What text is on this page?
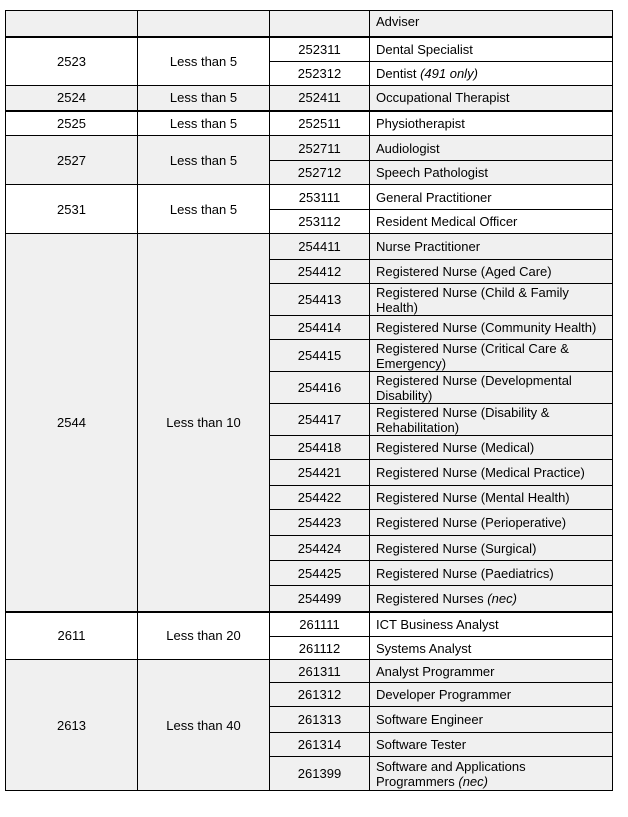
			Adviser
2523	Less than 5	252311	Dental Specialist
		252312	Dentist (491 only)
2524	Less than 5	252411	Occupational Therapist
2525	Less than 5	252511	Physiotherapist
2527	Less than 5	252711	Audiologist
		252712	Speech Pathologist
2531	Less than 5	253111	General Practitioner
		253112	Resident Medical Officer
2544	Less than 10	254411	Nurse Practitioner
		254412	Registered Nurse (Aged Care)
		254413	Registered Nurse (Child & Family Health)
		254414	Registered Nurse (Community Health)
		254415	Registered Nurse (Critical Care & Emergency)
		254416	Registered Nurse (Developmental Disability)
		254417	Registered Nurse (Disability & Rehabilitation)
		254418	Registered Nurse (Medical)
		254421	Registered Nurse (Medical Practice)
		254422	Registered Nurse (Mental Health)
		254423	Registered Nurse (Perioperative)
		254424	Registered Nurse (Surgical)
		254425	Registered Nurse (Paediatrics)
		254499	Registered Nurses (nec)
2611	Less than 20	261111	ICT Business Analyst
		261112	Systems Analyst
2613	Less than 40	261311	Analyst Programmer
		261312	Developer Programmer
		261313	Software Engineer
		261314	Software Tester
		261399	Software and Applications Programmers (nec)
